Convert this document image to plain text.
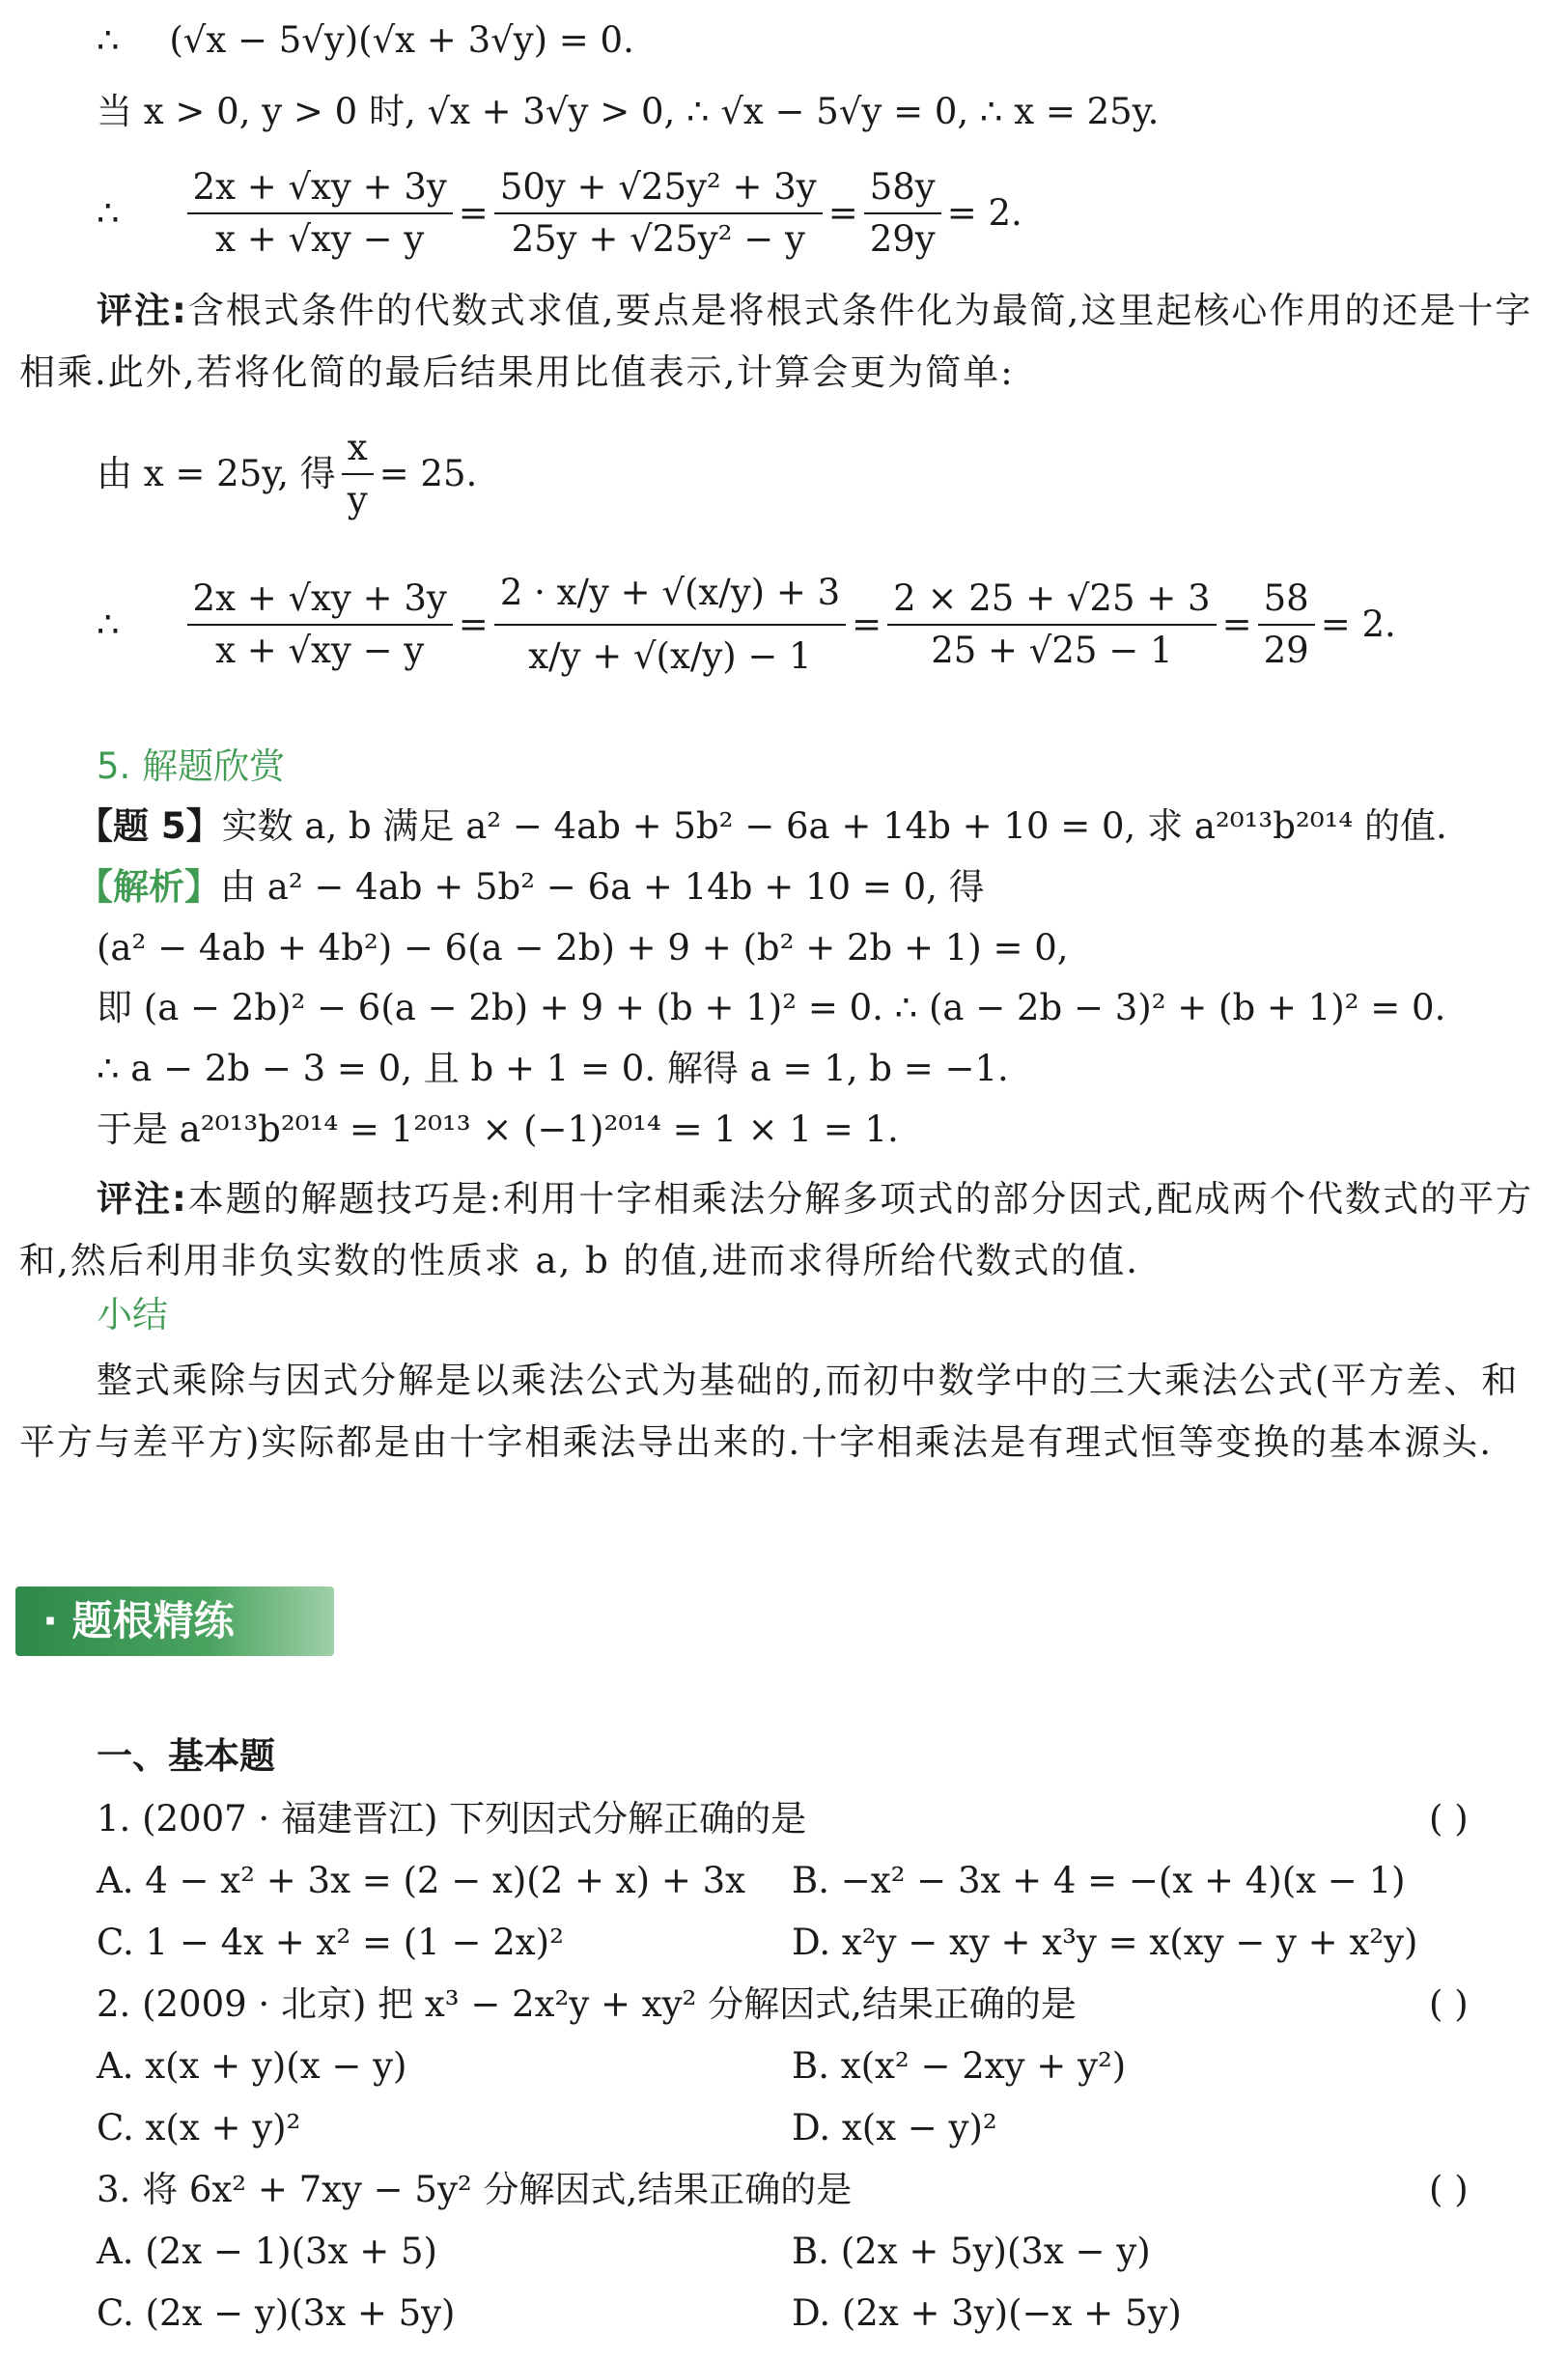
∴ (√x − 5√y)(√x + 3√y) = 0.
当 x > 0, y > 0 时, √x + 3√y > 0, ∴ √x − 5√y = 0, ∴ x = 25y.
∴ $\frac{2x + √xy + 3y}{x + √xy - y} = \frac{\text{50y + √25y² + 3y}}{\text{25y + √25y² − y}} = \frac{58y}{29y} = 2$.
评注:含根式条件的代数式求值,要点是将根式条件化为最简,这里起核心作用的还是十字相乘.此外,若将化简的最后结果用比值表示,计算会更为简单:
由 x = 25y, 得 $\frac{x}{y} = 25$.
∴ $\frac{2x + √xy + 3y}{x + √xy - y} = \frac{2 \cdot x/y + √(x/y) + 3}{x/y + √(x/y) - 1} = \frac{2 \times 25 + √25 + 3}{25 + √25 - 1} = \frac{58}{29} = 2$.
5. 解题欣赏
【题 5】实数 a, b 满足 a² − 4ab + 5b² − 6a + 14b + 10 = 0, 求 a²⁰¹³b²⁰¹⁴ 的值.
【解析】由 a² − 4ab + 5b² − 6a + 14b + 10 = 0, 得
(a² − 4ab + 4b²) − 6(a − 2b) + 9 + (b² + 2b + 1) = 0,
即 (a − 2b)² − 6(a − 2b) + 9 + (b + 1)² = 0. ∴ (a − 2b − 3)² + (b + 1)² = 0.
∴ a − 2b − 3 = 0, 且 b + 1 = 0. 解得 a = 1, b = −1.
于是 a²⁰¹³b²⁰¹⁴ = 1²⁰¹³ × (−1)²⁰¹⁴ = 1 × 1 = 1.
评注:本题的解题技巧是:利用十字相乘法分解多项式的部分因式,配成两个代数式的平方和,然后利用非负实数的性质求 a, b 的值,进而求得所给代数式的值.
小结
整式乘除与因式分解是以乘法公式为基础的,而初中数学中的三大乘法公式(平方差、和平方与差平方)实际都是由十字相乘法导出来的.十字相乘法是有理式恒等变换的基本源头.
· 题根精练
一、基本题
1. (2007 · 福建晋江) 下列因式分解正确的是	( )
A. 4 − x² + 3x = (2 − x)(2 + x) + 3x B. −x² − 3x + 4 = −(x + 4)(x − 1)
C. 1 − 4x + x² = (1 − 2x)²	D. x²y − xy + x³y = x(xy − y + x²y)
2. (2009 · 北京) 把 x³ − 2x²y + xy² 分解因式,结果正确的是	( )
A. x(x + y)(x − y)	B. x(x² − 2xy + y²)
C. x(x + y)²	D. x(x − y)²
3. 将 6x² + 7xy − 5y² 分解因式,结果正确的是	( )
A. (2x − 1)(3x + 5)	B. (2x + 5y)(3x − y)
C. (2x − y)(3x + 5y)	D. (2x + 3y)(−x + 5y)
